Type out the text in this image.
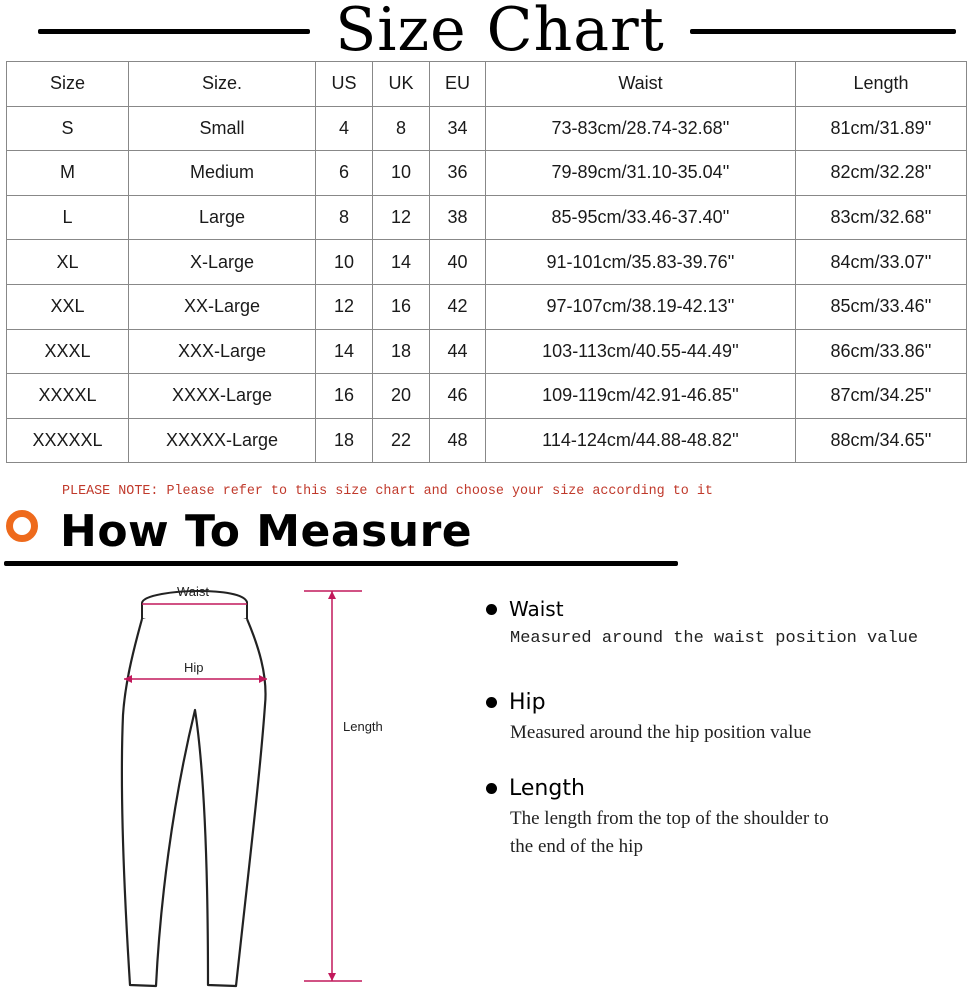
Size Chart
Size	Size.	US	UK	EU	Waist	Length
S	Small	4	8	34	73-83cm/28.74-32.68''	81cm/31.89''
M	Medium	6	10	36	79-89cm/31.10-35.04''	82cm/32.28''
L	Large	8	12	38	85-95cm/33.46-37.40''	83cm/32.68''
XL	X-Large	10	14	40	91-101cm/35.83-39.76''	84cm/33.07''
XXL	XX-Large	12	16	42	97-107cm/38.19-42.13''	85cm/33.46''
XXXL	XXX-Large	14	18	44	103-113cm/40.55-44.49''	86cm/33.86''
XXXXL	XXXX-Large	16	20	46	109-119cm/42.91-46.85''	87cm/34.25''
XXXXXL	XXXXX-Large	18	22	48	114-124cm/44.88-48.82''	88cm/34.65''
PLEASE NOTE: Please refer to this size chart and choose your size according to it
How To Measure
Waist
Hip
Length
Waist
Measured around the waist position value
Hip
Measured around the hip position value
Length
The length from the top of the shoulder to
the end of the hip
